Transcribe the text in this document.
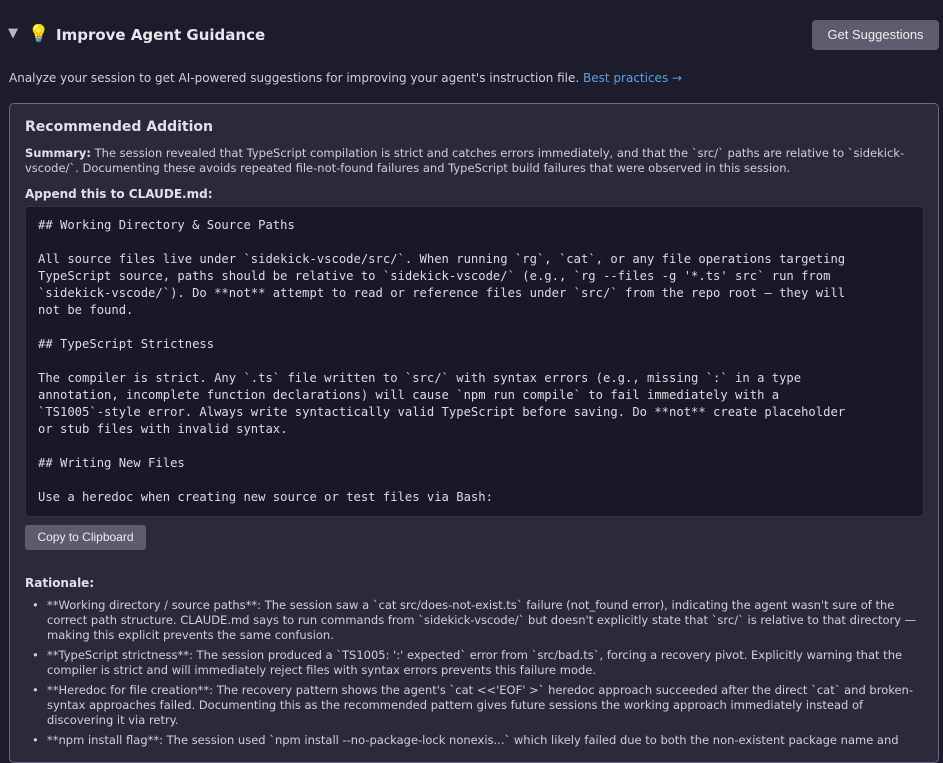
▼ 💡 Improve Agent Guidance	Get Suggestions
Analyze your session to get AI-powered suggestions for improving your agent's instruction file. Best practices →
Recommended Addition
Summary: The session revealed that TypeScript compilation is strict and catches errors immediately, and that the `src/` paths are relative to `sidekick-vscode/`. Documenting these avoids repeated file-not-found failures and TypeScript build failures that were observed in this session.
Append this to CLAUDE.md:
## Working Directory & Source Paths

All source files live under `sidekick-vscode/src/`. When running `rg`, `cat`, or any file operations targeting
TypeScript source, paths should be relative to `sidekick-vscode/` (e.g., `rg --files -g '*.ts' src` run from
`sidekick-vscode/`). Do **not** attempt to read or reference files under `src/` from the repo root — they will
not be found.

## TypeScript Strictness

The compiler is strict. Any `.ts` file written to `src/` with syntax errors (e.g., missing `:` in a type
annotation, incomplete function declarations) will cause `npm run compile` to fail immediately with a
`TS1005`-style error. Always write syntactically valid TypeScript before saving. Do **not** create placeholder
or stub files with invalid syntax.

## Writing New Files

Use a heredoc when creating new source or test files via Bash:
Copy to Clipboard
Rationale:
• **Working directory / source paths**: The session saw a `cat src/does-not-exist.ts` failure (not_found error), indicating the agent wasn't sure of the correct path structure. CLAUDE.md says to run commands from `sidekick-vscode/` but doesn't explicitly state that `src/` is relative to that directory — making this explicit prevents the same confusion.
• **TypeScript strictness**: The session produced a `TS1005: ':' expected` error from `src/bad.ts`, forcing a recovery pivot. Explicitly warning that the compiler is strict and will immediately reject files with syntax errors prevents this failure mode.
• **Heredoc for file creation**: The recovery pattern shows the agent's `cat <<'EOF' >` heredoc approach succeeded after the direct `cat` and broken-syntax approaches failed. Documenting this as the recommended pattern gives future sessions the working approach immediately instead of discovering it via retry.
• **npm install flag**: The session used `npm install --no-package-lock nonexis...` which likely failed due to both the non-existent package name and
